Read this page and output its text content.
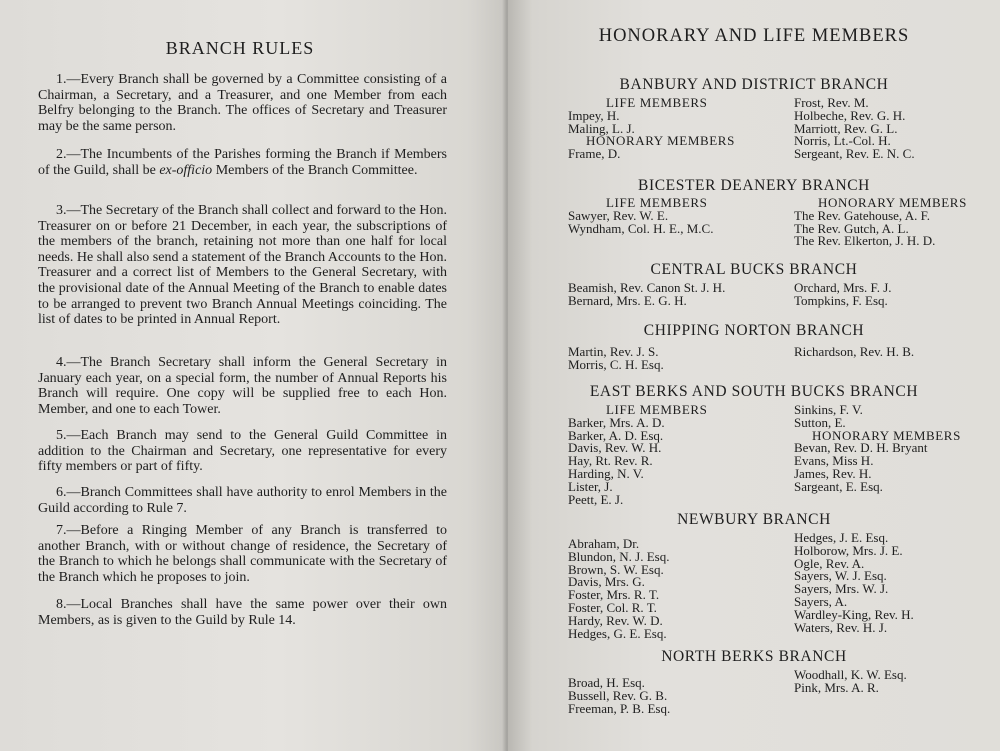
BRANCH RULES

1.—Every Branch shall be governed by a Committee consisting of a Chairman, a Secretary, and a Treasurer, and one Member from each Belfry belonging to the Branch. The offices of Secretary and Treasurer may be the same person.

2.—The Incumbents of the Parishes forming the Branch if Members of the Guild, shall be ex-officio Members of the Branch Committee.

3.—The Secretary of the Branch shall collect and forward to the Hon. Treasurer on or before 21 December, in each year, the subscriptions of the members of the branch, retaining not more than one half for local needs. He shall also send a statement of the Branch Accounts to the Hon. Treasurer and a correct list of Members to the General Secretary, with the provisional date of the Annual Meeting of the Branch to enable dates to be arranged to prevent two Branch Annual Meetings coinciding. The list of dates to be printed in Annual Report.

4.—The Branch Secretary shall inform the General Secretary in January each year, on a special form, the number of Annual Reports his Branch will require. One copy will be supplied free to each Hon. Member, and one to each Tower.

5.—Each Branch may send to the General Guild Committee in addition to the Chairman and Secretary, one representative for every fifty members or part of fifty.

6.—Branch Committees shall have authority to enrol Members in the Guild according to Rule 7.

7.—Before a Ringing Member of any Branch is transferred to another Branch, with or without change of residence, the Secretary of the Branch to which he belongs shall communicate with the Secretary of the Branch which he proposes to join.

8.—Local Branches shall have the same power over their own Members, as is given to the Guild by Rule 14.

HONORARY AND LIFE MEMBERS
BANBURY AND DISTRICT BRANCH
LIFE MEMBERS
Impey, H.
Maling, L. J.
HONORARY MEMBERS
Frame, D.
Frost, Rev. M.
Holbeche, Rev. G. H.
Marriott, Rev. G. L.
Norris, Lt.-Col. H.
Sergeant, Rev. E. N. C.
BICESTER DEANERY BRANCH
LIFE MEMBERS
Sawyer, Rev. W. E.
Wyndham, Col. H. E., M.C.
HONORARY MEMBERS
The Rev. Gatehouse, A. F.
The Rev. Gutch, A. L.
The Rev. Elkerton, J. H. D.
CENTRAL BUCKS BRANCH
Beamish, Rev. Canon St. J. H.
Bernard, Mrs. E. G. H.
Orchard, Mrs. F. J.
Tompkins, F. Esq.
CHIPPING NORTON BRANCH
Martin, Rev. J. S.
Morris, C. H. Esq.
Richardson, Rev. H. B.
EAST BERKS AND SOUTH BUCKS BRANCH
LIFE MEMBERS
Barker, Mrs. A. D.
Barker, A. D. Esq.
Davis, Rev. W. H.
Hay, Rt. Rev. R.
Harding, N. V.
Lister, J.
Peett, E. J.
Sinkins, F. V.
Sutton, E.
HONORARY MEMBERS
Bevan, Rev. D. H. Bryant
Evans, Miss H.
James, Rev. H.
Sargeant, E. Esq.
NEWBURY BRANCH
Abraham, Dr.
Blundon, N. J. Esq.
Brown, S. W. Esq.
Davis, Mrs. G.
Foster, Mrs. R. T.
Foster, Col. R. T.
Hardy, Rev. W. D.
Hedges, G. E. Esq.
Hedges, J. E. Esq.
Holborow, Mrs. J. E.
Ogle, Rev. A.
Sayers, W. J. Esq.
Sayers, Mrs. W. J.
Sayers, A.
Wardley-King, Rev. H.
Waters, Rev. H. J.
NORTH BERKS BRANCH
Broad, H. Esq.
Bussell, Rev. G. B.
Freeman, P. B. Esq.
Woodhall, K. W. Esq.
Pink, Mrs. A. R.
